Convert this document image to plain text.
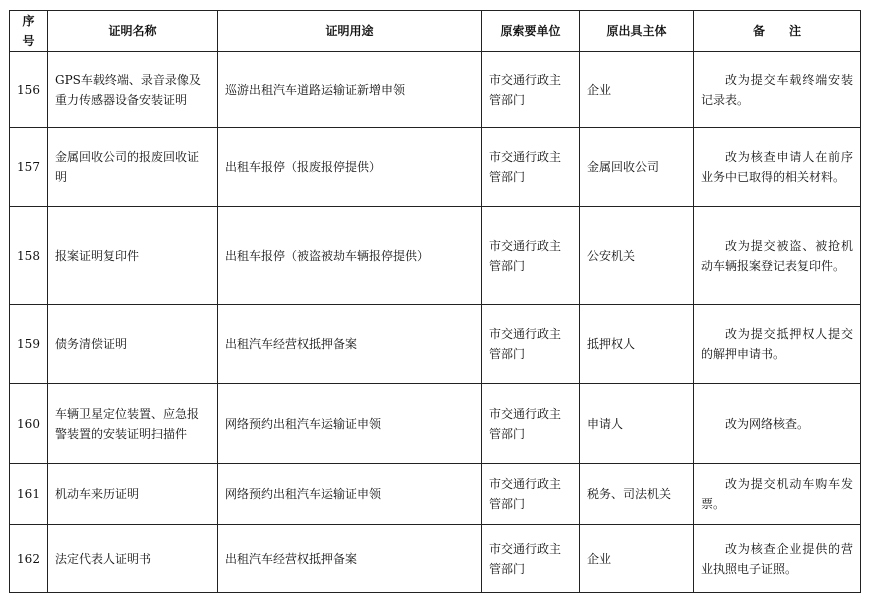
序号	证明名称	证明用途	原索要单位	原出具主体	备　　注
156	GPS车载终端、录音录像及重力传感器设备安装证明	巡游出租汽车道路运输证新增申领	市交通行政主管部门	企业	改为提交车载终端安装记录表。
157	金属回收公司的报废回收证明	出租车报停（报废报停提供）	市交通行政主管部门	金属回收公司	改为核查申请人在前序业务中已取得的相关材料。
158	报案证明复印件	出租车报停（被盗被劫车辆报停提供）	市交通行政主管部门	公安机关	改为提交被盗、被抢机动车辆报案登记表复印件。
159	债务清偿证明	出租汽车经营权抵押备案	市交通行政主管部门	抵押权人	改为提交抵押权人提交的解押申请书。
160	车辆卫星定位装置、应急报警装置的安装证明扫描件	网络预约出租汽车运输证申领	市交通行政主管部门	申请人	改为网络核查。
161	机动车来历证明	网络预约出租汽车运输证申领	市交通行政主管部门	税务、司法机关	改为提交机动车购车发票。
162	法定代表人证明书	出租汽车经营权抵押备案	市交通行政主管部门	企业	改为核查企业提供的营业执照电子证照。
